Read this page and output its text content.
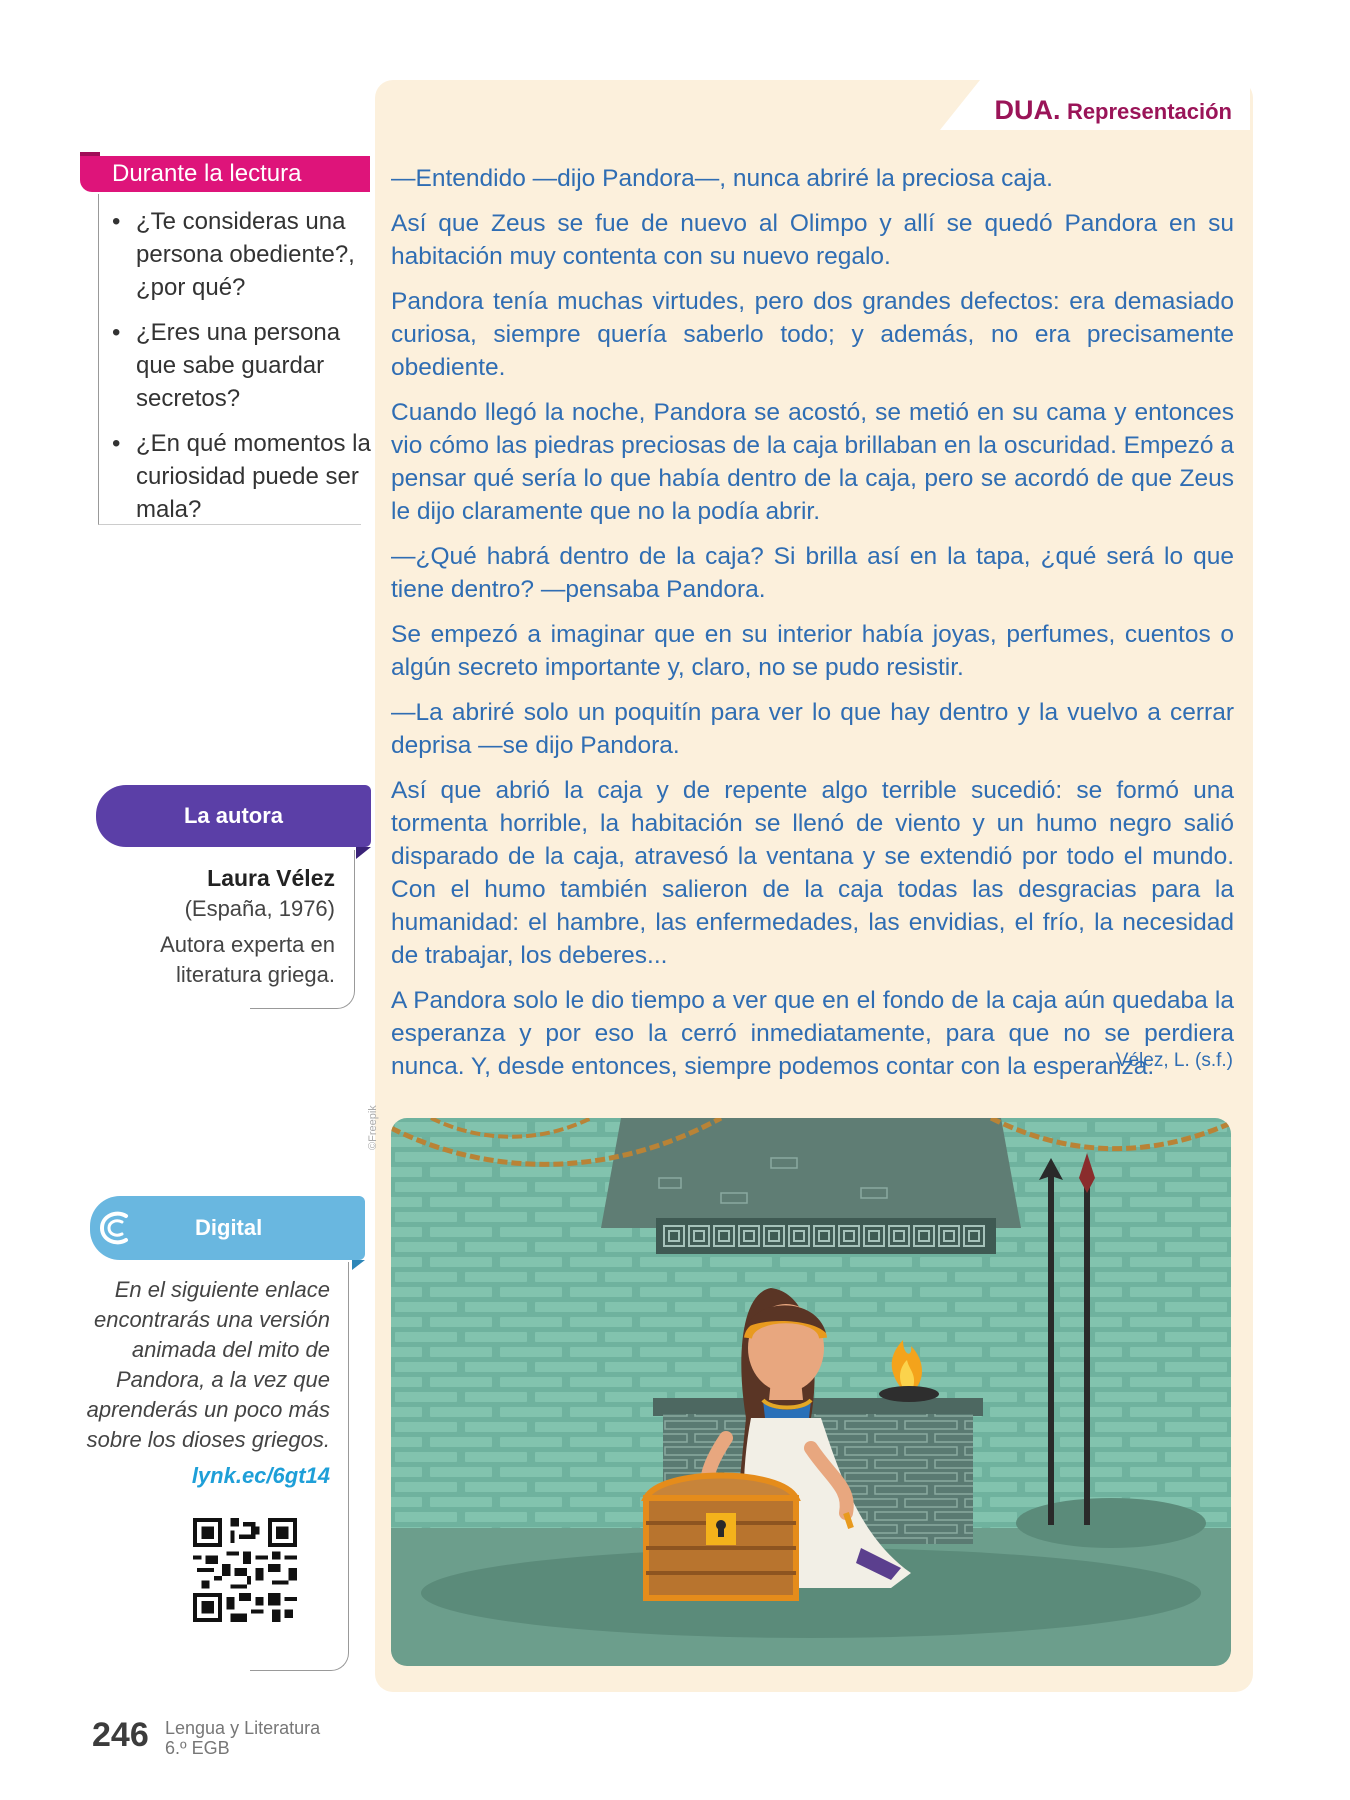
DUA. Representación

—Entendido —dijo Pandora—, nunca abriré la preciosa caja.

Así que Zeus se fue de nuevo al Olimpo y allí se quedó Pandora en su habitación muy contenta con su nuevo regalo.

Pandora tenía muchas virtudes, pero dos grandes defectos: era demasiado curiosa, siempre quería saberlo todo; y además, no era precisamente obediente.

Cuando llegó la noche, Pandora se acostó, se metió en su cama y entonces vio cómo las piedras preciosas de la caja brillaban en la oscuridad. Empezó a pensar qué sería lo que había dentro de la caja, pero se acordó de que Zeus le dijo claramente que no la podía abrir.

—¿Qué habrá dentro de la caja? Si brilla así en la tapa, ¿qué será lo que tiene dentro? —pensaba Pandora.

Se empezó a imaginar que en su interior había joyas, perfumes, cuentos o algún secreto importante y, claro, no se pudo resistir.

—La abriré solo un poquitín para ver lo que hay dentro y la vuelvo a cerrar deprisa —se dijo Pandora.

Así que abrió la caja y de repente algo terrible sucedió: se formó una tormenta horrible, la habitación se llenó de viento y un humo negro salió disparado de la caja, atravesó la ventana y se extendió por todo el mundo. Con el humo también salieron de la caja todas las desgracias para la humanidad: el hambre, las enfermedades, las envidias, el frío, la necesidad de trabajar, los deberes...

A Pandora solo le dio tiempo a ver que en el fondo de la caja aún quedaba la esperanza y por eso la cerró inmediatamente, para que no se perdiera nunca. Y, desde entonces, siempre podemos contar con la esperanza.

Vélez, L. (s.f.)
©Freepik
Durante la lectura
• ¿Te consideras una persona obediente?, ¿por qué?
• ¿Eres una persona que sabe guardar secretos?
• ¿En qué momentos la curiosidad puede ser mala?
La autora
Laura Vélez
(España, 1976)
Autora experta en literatura griega.
Digital
En el siguiente enlace encontrarás una versión animada del mito de Pandora, a la vez que aprenderás un poco más sobre los dioses griegos.
lynk.ec/6gt14
246 Lengua y Literatura
6.º EGB
